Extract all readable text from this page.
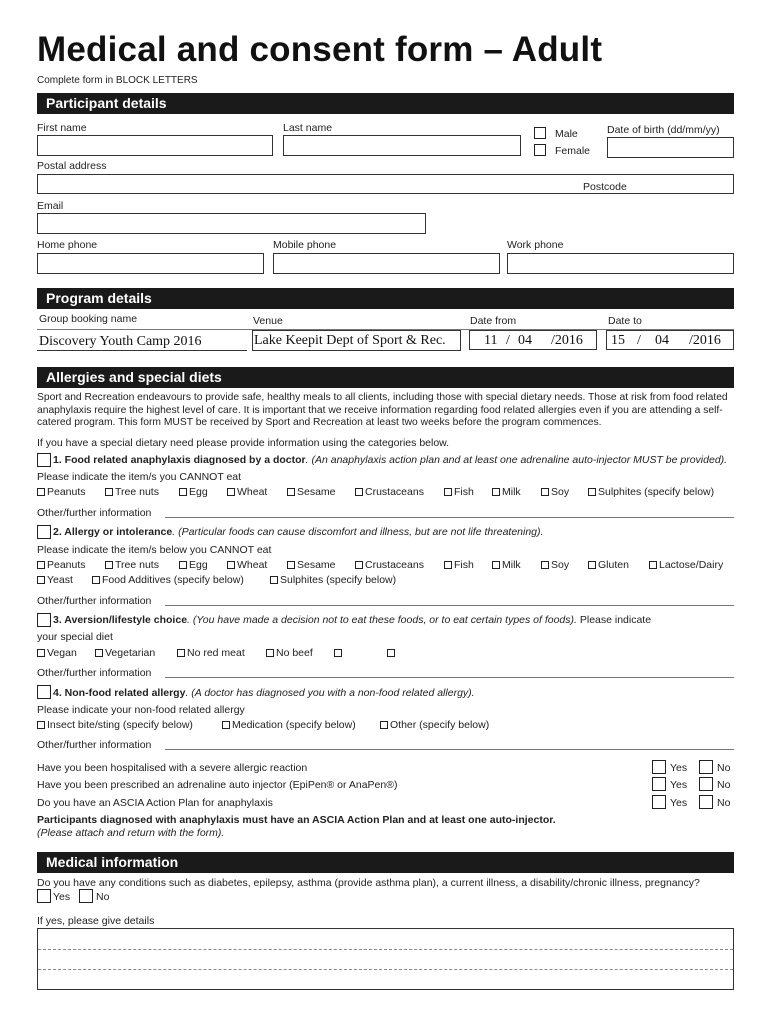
Medical and consent form – Adult
Complete form in BLOCK LETTERS
Participant details
First name	Last name	Male
Female
Date of birth (dd/mm/yy)
Postal address
Postcode
Email
Home phone	Mobile phone	Work phone
Program details
Group booking name	Venue	Date from	Date to
Discovery Youth Camp 2016	Lake Keepit Dept of Sport & Rec.	11 / 04 /2016 15 / 04 /2016
Allergies and special diets
Sport and Recreation endeavours to provide safe, healthy meals to all clients, including those with special dietary needs. Those at risk from food related anaphylaxis require the highest level of care. It is important that we receive information regarding food related allergies even if you are attending a self-catered program. This form MUST be received by Sport and Recreation at least two weeks before the program commences.
If you have a special dietary need please provide information using the categories below.
1. Food related anaphylaxis diagnosed by a doctor. (An anaphylaxis action plan and at least one adrenaline auto-injector MUST be provided).
Please indicate the item/s you CANNOT eat
Peanuts	Tree nuts	Egg	Wheat	Sesame	Crustaceans	Fish	Milk	Soy	Sulphites (specify below)
Other/further information
2. Allergy or intolerance. (Particular foods can cause discomfort and illness, but are not life threatening).
Please indicate the item/s below you CANNOT eat
Peanuts	Tree nuts	Egg	Wheat	Sesame	Crustaceans	Fish	Milk	Soy	Gluten	Lactose/Dairy
Yeast	Food Additives (specify below)	Sulphites (specify below)
Other/further information
3. Aversion/lifestyle choice. (You have made a decision not to eat these foods, or to eat certain types of foods). Please indicate
your special diet
Vegan	Vegetarian	No red meat	No beef
Other/further information
4. Non-food related allergy. (A doctor has diagnosed you with a non-food related allergy).
Please indicate your non-food related allergy
Insect bite/sting (specify below)	Medication (specify below)	Other (specify below)
Other/further information
Have you been hospitalised with a severe allergic reaction	Yes	No
Have you been prescribed an adrenaline auto injector (EpiPen® or AnaPen®)	Yes	No
Do you have an ASCIA Action Plan for anaphylaxis	Yes	No
Participants diagnosed with anaphylaxis must have an ASCIA Action Plan and at least one auto-injector.
(Please attach and return with the form).
Medical information
Do you have any conditions such as diabetes, epilepsy, asthma (provide asthma plan), a current illness, a disability/chronic illness, pregnancy?
Yes No
If yes, please give details
